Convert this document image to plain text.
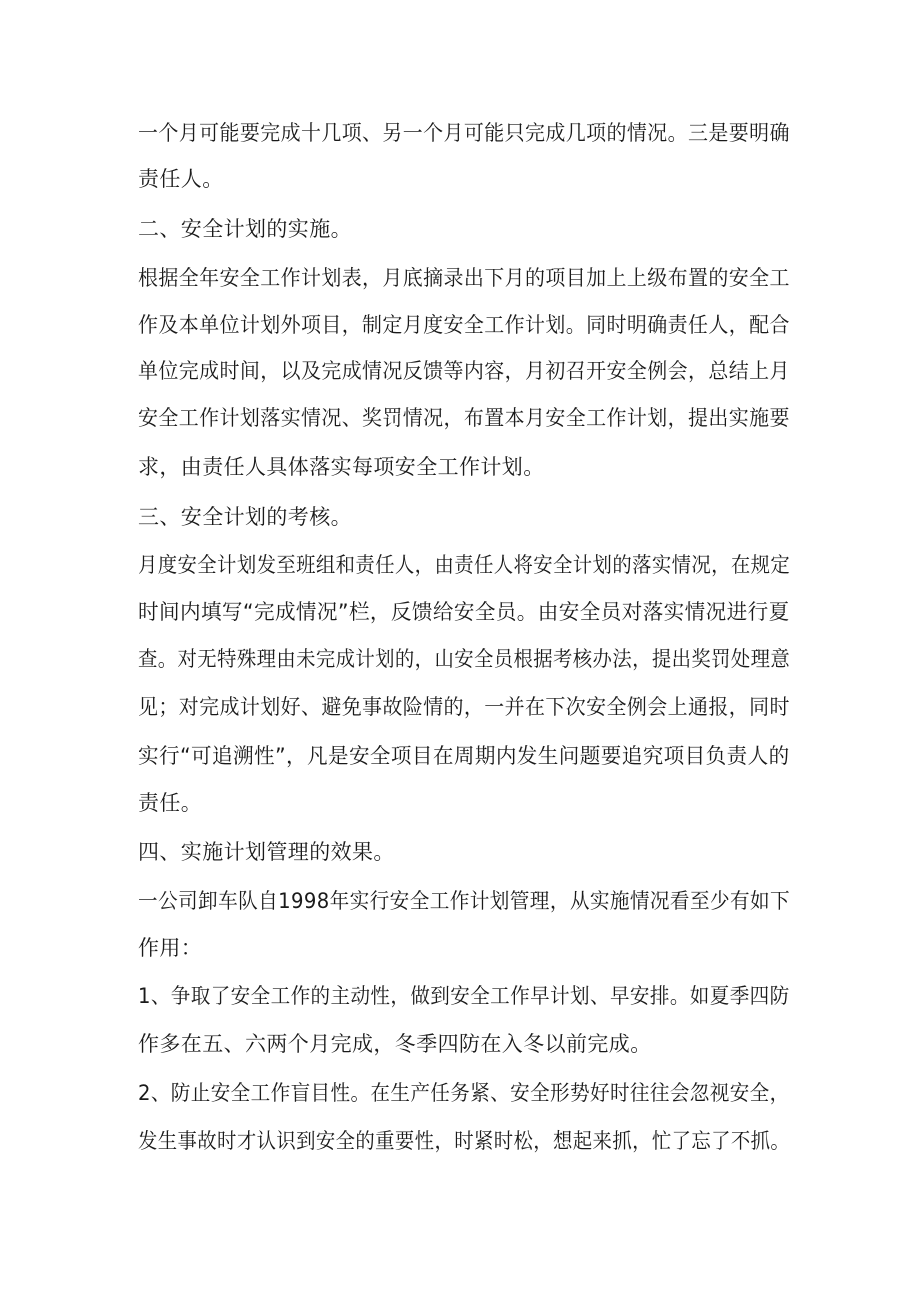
一个月可能要完成十几项、另一个月可能只完成几项的情况。三是要明确
责任人。
二、安全计划的实施。
根据全年安全工作计划表，月底摘录出下月的项目加上上级布置的安全工
作及本单位计划外项目，制定月度安全工作计划。同时明确责任人，配合
单位完成时间，以及完成情况反馈等内容，月初召开安全例会，总结上月
安全工作计划落实情况、奖罚情况，布置本月安全工作计划，提出实施要
求，由责任人具体落实每项安全工作计划。
三、安全计划的考核。
月度安全计划发至班组和责任人，由责任人将安全计划的落实情况，在规定
时间内填写“完成情况”栏，反馈给安全员。由安全员对落实情况进行夏
查。对无特殊理由未完成计划的，山安全员根据考核办法，提出奖罚处理意
见；对完成计划好、避免事故险情的，一并在下次安全例会上通报，同时
实行“可追溯性”，凡是安全项目在周期内发生问题要追究项目负责人的
责任。
四、实施计划管理的效果。
一公司卸车队自1998年实行安全工作计划管理，从实施情况看至少有如下
作用：
1、争取了安全工作的主动性，做到安全工作早计划、早安排。如夏季四防
作多在五、六两个月完成，冬季四防在入冬以前完成。
2、防止安全工作盲目性。在生产任务紧、安全形势好时往往会忽视安全，
发生事故时才认识到安全的重要性，时紧时松，想起来抓，忙了忘了不抓。
